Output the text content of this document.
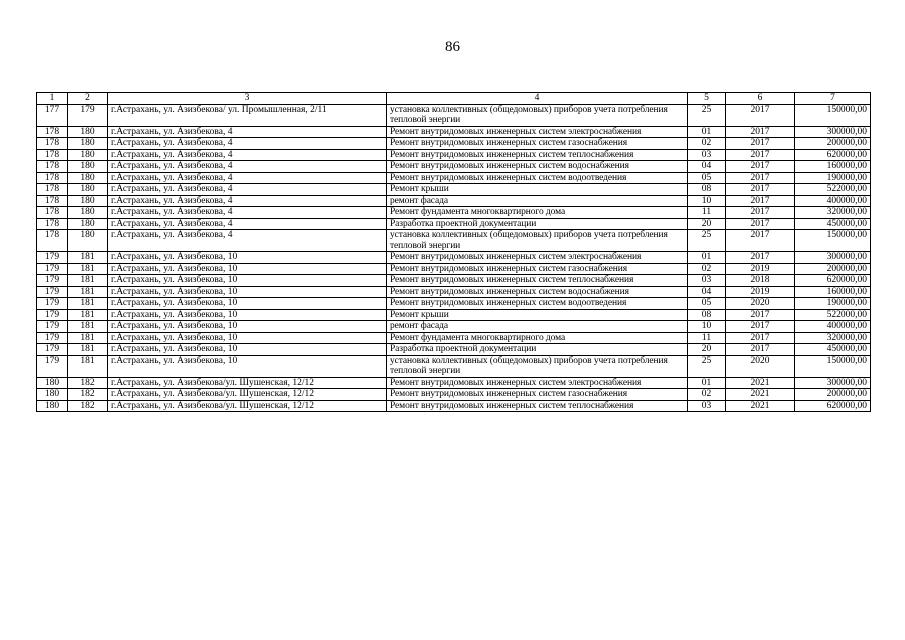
86
1	2	3	4	5	6	7
177	179	г.Астрахань, ул. Азизбекова/ ул. Промышленная, 2/11	установка коллективных (общедомовых) приборов учета потребления тепловой энергии	25	2017	150000,00
178	180	г.Астрахань, ул. Азизбекова, 4	Ремонт внутридомовых инженерных систем электроснабжения	01	2017	300000,00
178	180	г.Астрахань, ул. Азизбекова, 4	Ремонт внутридомовых инженерных систем газоснабжения	02	2017	200000,00
178	180	г.Астрахань, ул. Азизбекова, 4	Ремонт внутридомовых инженерных систем теплоснабжения	03	2017	620000,00
178	180	г.Астрахань, ул. Азизбекова, 4	Ремонт внутридомовых инженерных систем водоснабжения	04	2017	160000,00
178	180	г.Астрахань, ул. Азизбекова, 4	Ремонт внутридомовых инженерных систем водоотведения	05	2017	190000,00
178	180	г.Астрахань, ул. Азизбекова, 4	Ремонт крыши	08	2017	522000,00
178	180	г.Астрахань, ул. Азизбекова, 4	ремонт фасада	10	2017	400000,00
178	180	г.Астрахань, ул. Азизбекова, 4	Ремонт фундамента многоквартирного дома	11	2017	320000,00
178	180	г.Астрахань, ул. Азизбекова, 4	Разработка проектной документации	20	2017	450000,00
178	180	г.Астрахань, ул. Азизбекова, 4	установка коллективных (общедомовых) приборов учета потребления тепловой энергии	25	2017	150000,00
179	181	г.Астрахань, ул. Азизбекова, 10	Ремонт внутридомовых инженерных систем электроснабжения	01	2017	300000,00
179	181	г.Астрахань, ул. Азизбекова, 10	Ремонт внутридомовых инженерных систем газоснабжения	02	2019	200000,00
179	181	г.Астрахань, ул. Азизбекова, 10	Ремонт внутридомовых инженерных систем теплоснабжения	03	2018	620000,00
179	181	г.Астрахань, ул. Азизбекова, 10	Ремонт внутридомовых инженерных систем водоснабжения	04	2019	160000,00
179	181	г.Астрахань, ул. Азизбекова, 10	Ремонт внутридомовых инженерных систем водоотведения	05	2020	190000,00
179	181	г.Астрахань, ул. Азизбекова, 10	Ремонт крыши	08	2017	522000,00
179	181	г.Астрахань, ул. Азизбекова, 10	ремонт фасада	10	2017	400000,00
179	181	г.Астрахань, ул. Азизбекова, 10	Ремонт фундамента многоквартирного дома	11	2017	320000,00
179	181	г.Астрахань, ул. Азизбекова, 10	Разработка проектной документации	20	2017	450000,00
179	181	г.Астрахань, ул. Азизбекова, 10	установка коллективных (общедомовых) приборов учета потребления тепловой энергии	25	2020	150000,00
180	182	г.Астрахань, ул. Азизбекова/ул. Шушенская, 12/12	Ремонт внутридомовых инженерных систем электроснабжения	01	2021	300000,00
180	182	г.Астрахань, ул. Азизбекова/ул. Шушенская, 12/12	Ремонт внутридомовых инженерных систем газоснабжения	02	2021	200000,00
180	182	г.Астрахань, ул. Азизбекова/ул. Шушенская, 12/12	Ремонт внутридомовых инженерных систем теплоснабжения	03	2021	620000,00
